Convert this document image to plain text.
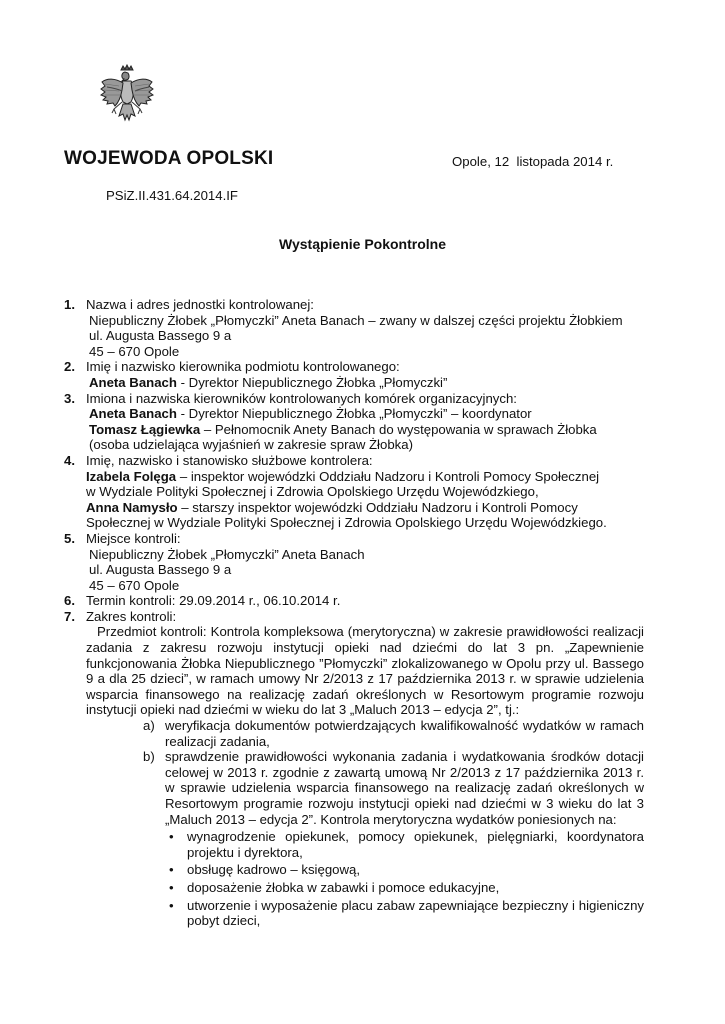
WOJEWODA OPOLSKI	Opole, 12  listopada 2014 r.
PSiZ.II.431.64.2014.IF
Wystąpienie Pokontrolne
1. Nazwa i adres jednostki kontrolowanej:
Niepubliczny Żłobek „Płomyczki” Aneta Banach – zwany w dalszej części projektu Żłobkiem
ul. Augusta Bassego 9 a
45 – 670 Opole
2. Imię i nazwisko kierownika podmiotu kontrolowanego:
Aneta Banach - Dyrektor Niepublicznego Żłobka „Płomyczki”
3. Imiona i nazwiska kierowników kontrolowanych komórek organizacyjnych:
Aneta Banach - Dyrektor Niepublicznego Żłobka „Płomyczki” – koordynator
Tomasz Łągiewka – Pełnomocnik Anety Banach do występowania w sprawach Żłobka
(osoba udzielająca wyjaśnień w zakresie spraw Żłobka)
4. Imię, nazwisko i stanowisko służbowe kontrolera:
Izabela Folęga – inspektor wojewódzki Oddziału Nadzoru i Kontroli Pomocy Społecznej
w Wydziale Polityki Społecznej i Zdrowia Opolskiego Urzędu Wojewódzkiego,
Anna Namysło – starszy inspektor wojewódzki Oddziału Nadzoru i Kontroli Pomocy
Społecznej w Wydziale Polityki Społecznej i Zdrowia Opolskiego Urzędu Wojewódzkiego.
5. Miejsce kontroli:
Niepubliczny Żłobek „Płomyczki” Aneta Banach
ul. Augusta Bassego 9 a
45 – 670 Opole
6. Termin kontroli: 29.09.2014 r., 06.10.2014 r.
7. Zakres kontroli:
Przedmiot kontroli: Kontrola kompleksowa (merytoryczna) w zakresie prawidłowości realizacji zadania z zakresu rozwoju instytucji opieki nad dziećmi do lat 3 pn. „Zapewnienie funkcjonowania Żłobka Niepublicznego ”Płomyczki” zlokalizowanego w Opolu przy ul. Bassego 9 a dla 25 dzieci”, w ramach umowy Nr 2/2013 z 17 października 2013 r. w sprawie udzielenia wsparcia finansowego na realizację zadań określonych w Resortowym programie rozwoju instytucji opieki nad dziećmi w wieku do lat 3 „Maluch 2013 – edycja 2”, tj.:
a) weryfikacja dokumentów potwierdzających kwalifikowalność wydatków w ramach realizacji zadania,
b) sprawdzenie prawidłowości wykonania zadania i wydatkowania środków dotacji celowej w 2013 r. zgodnie z zawartą umową Nr 2/2013 z 17 października 2013 r. w sprawie udzielenia wsparcia finansowego na realizację zadań określonych w Resortowym programie rozwoju instytucji opieki nad dziećmi w 3 wieku do lat 3 „Maluch 2013 – edycja 2”. Kontrola merytoryczna wydatków poniesionych na:
• wynagrodzenie opiekunek, pomocy opiekunek, pielęgniarki, koordynatora projektu i dyrektora,
• obsługę kadrowo – księgową,
• doposażenie żłobka w zabawki i pomoce edukacyjne,
• utworzenie i wyposażenie placu zabaw zapewniające bezpieczny i higieniczny pobyt dzieci,
